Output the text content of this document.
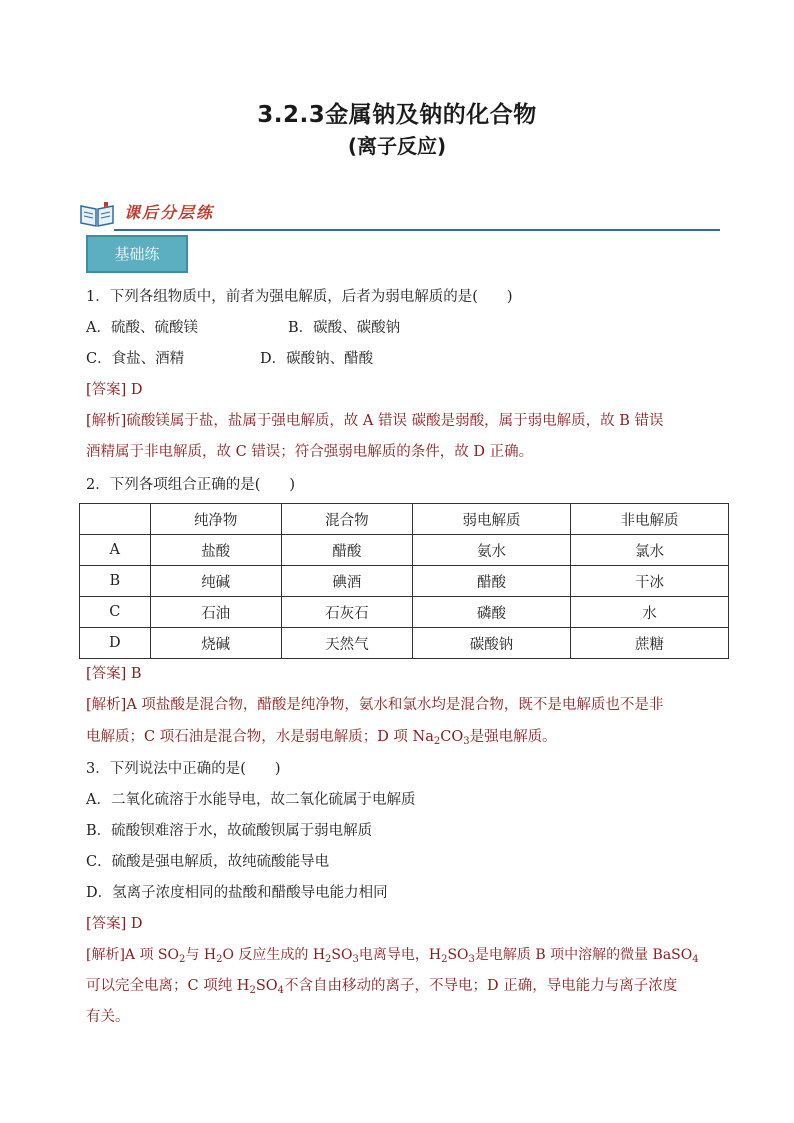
3.2.3金属钠及钠的化合物
(离子反应)
课后分层练
基础练
1．下列各组物质中，前者为强电解质，后者为弱电解质的是(　　)
A．硫酸、硫酸镁	B．碳酸、碳酸钠
C．食盐、酒精	D．碳酸钠、醋酸
[答案] D
[解析]硫酸镁属于盐，盐属于强电解质，故 A 错误 碳酸是弱酸，属于弱电解质，故 B 错误
酒精属于非电解质，故 C 错误；符合强弱电解质的条件，故 D 正确。
2．下列各项组合正确的是(　　)
	纯净物	混合物	弱电解质	非电解质
A	盐酸	醋酸	氨水	氯水
B	纯碱	碘酒	醋酸	干冰
C	石油	石灰石	磷酸	水
D	烧碱	天然气	碳酸钠	蔗糖
[答案] B
[解析]A 项盐酸是混合物，醋酸是纯净物，氨水和氯水均是混合物，既不是电解质也不是非
电解质；C 项石油是混合物，水是弱电解质；D 项 $Na_2CO_3$是强电解质。
3．下列说法中正确的是(　　)
A．二氧化硫溶于水能导电，故二氧化硫属于电解质
B．硫酸钡难溶于水，故硫酸钡属于弱电解质
C．硫酸是强电解质，故纯硫酸能导电
D．氢离子浓度相同的盐酸和醋酸导电能力相同
[答案] D
[解析]A 项 $SO_2$与 $H_2O$ 反应生成的 $H_2SO_3$电离导电，$H_2SO_3$是电解质 B 项中溶解的微量 BaSO$_4$
可以完全电离；C 项纯 $H_2SO_4$不含自由移动的离子，不导电；D 正确，导电能力与离子浓度
有关。
